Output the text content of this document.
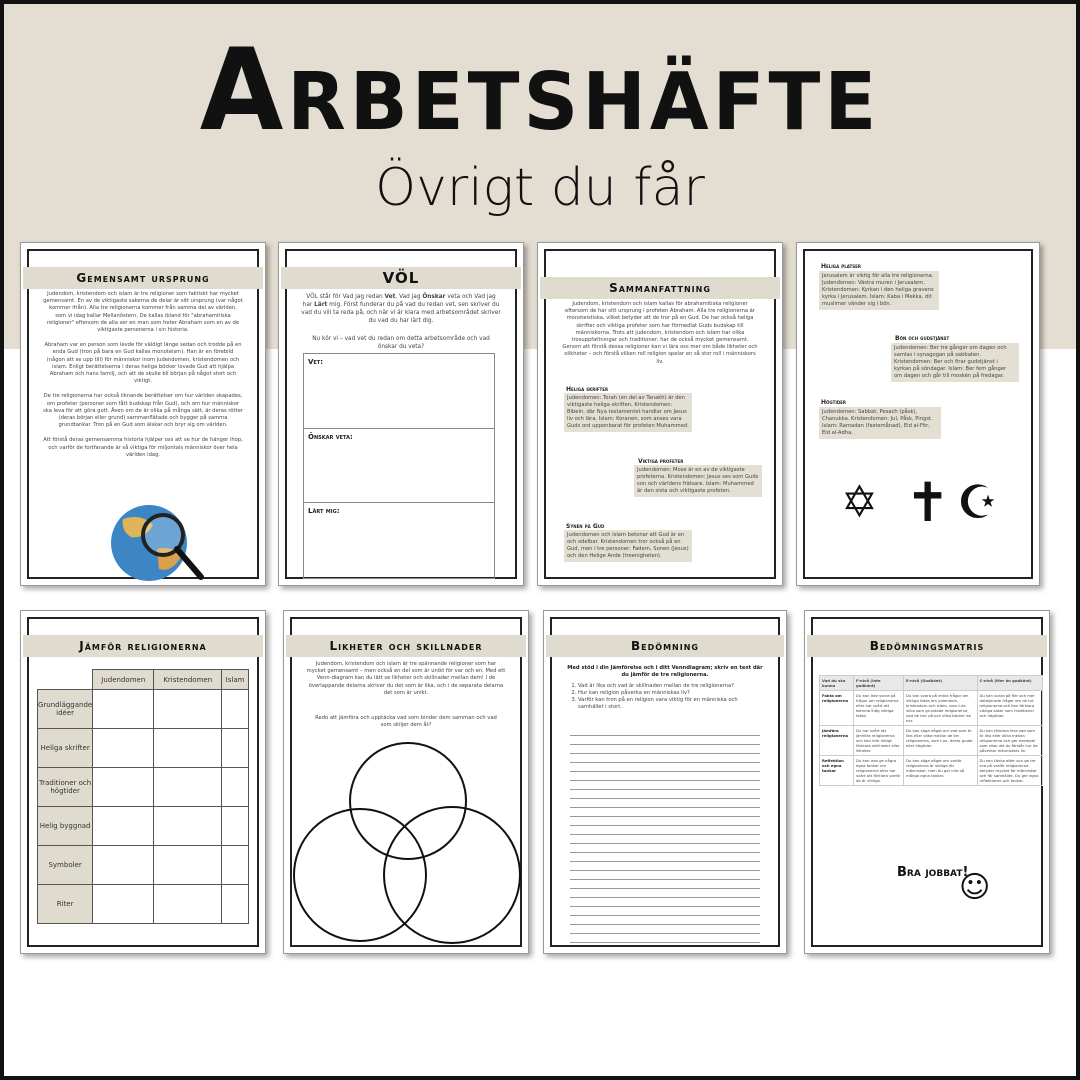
Arbetshäfte
Övrigt du får
Gemensamt ursprung

Judendom, kristendom och islam är tre religioner som faktiskt har mycket gemensamt. En av de viktigaste sakerna de delar är sitt ursprung (var något kommer ifrån). Alla tre religionerna kommer från samma del av världen, som vi idag kallar Mellanöstern. De kallas ibland för "abrahamitiska religioner" eftersom de alla ser en man som heter Abraham som en av de viktigaste personerna i sin historia.

Abraham var en person som levde för väldigt länge sedan och trodde på en enda Gud (tron på bara en Gud kallas monoteism). Han är en förebild (någon att se upp till) för människor inom judendomen, kristendomen och islam. Enligt berättelserna i deras heliga böcker lovade Gud att hjälpa Abraham och hans familj, och att de skulle bli början på något stort och viktigt.

De tre religionerna har också liknande berättelser om hur världen skapades, om profeter (personer som fått budskap från Gud), och om hur människor ska leva för att göra gott. Även om de är olika på många sätt, är deras rötter (deras början eller grund) sammanflätade och bygger på samma grundtankar. Tron på en Gud som älskar och bryr sig om världen.

Att förstå deras gemensamma historia hjälper oss att se hur de hänger ihop, och varför de fortfarande är så viktiga för miljontals människor över hela världen idag.

VÖL

VÖL står för Vad jag redan Vet, Vad jag Önskar veta och Vad jag har Lärt mig. Först funderar du på vad du redan vet, sen skriver du vad du vill ta reda på, och när vi är klara med arbetsområdet skriver du vad du har lärt dig.

Nu kör vi – vad vet du redan om detta arbetsområde och vad önskar du veta?

Vet:
Önskar veta:
Lärt mig:
Sammanfattning

Judendom, kristendom och islam kallas för abrahamitiska religioner eftersom de har sitt ursprung i profeten Abraham. Alla tre religionerna är monoteistiska, vilket betyder att de tror på en Gud. De har också heliga skrifter och viktiga profeter som har förmedlat Guds budskap till människorna. Trots att judendom, kristendom och islam har olika trosuppfattningar och traditioner, har de också mycket gemensamt. Genom att förstå dessa religioner kan vi lära oss mer om både likheter och olikheter – och förstå vilken roll religion spelar en så stor roll i människors liv.

Heliga skrifter
Judendomen: Torah (en del av Tanakh) är den viktigaste heliga skriften. Kristendomen: Bibeln, där Nya testamentet handlar om Jesus liv och lära. Islam: Koranen, som anses vara Guds ord uppenbarat för profeten Muhammed.
Viktiga profeter
Judendomen: Mose är en av de viktigaste profeterna. Kristendomen: Jesus ses som Guds son och världens frälsare. Islam: Muhammed är den sista och viktigaste profeten.
Synen på Gud
Judendomen och islam betonar att Gud är en och odelbar. Kristendomen tror också på en Gud, men i tre personer: Fadern, Sonen (Jesus) och den Helige Ande (treenigheten).
Heliga platser
Jerusalem är viktig för alla tre religionerna. Judendomen: Västra muren i Jerusalem. Kristendomen: Kyrkan i den heliga gravens kyrka i Jerusalem. Islam: Kaba i Mekka, dit muslimer vänder sig i bön.
Bön och gudstjänst
Judendomen: Ber tre gånger om dagen och samlas i synagogan på sabbaten. Kristendomen: Ber och firar gudstjänst i kyrkan på söndagar. Islam: Ber fem gånger om dagen och går till moskén på fredagar.
Högtider
Judendomen: Sabbat, Pesach (påsk), Chanukka. Kristendomen: Jul, Påsk, Pingst. Islam: Ramadan (fastemånad), Eid al-Fitr, Eid al-Adha.
✡ ✝ ☪
Jämför religionerna
	Judendomen	Kristendomen	Islam
Grundläggande idéer			
Heliga skrifter			
Traditioner och högtider			
Helig byggnad			
Symboler			
Riter			
Likheter och skillnader

Judendom, kristendom och islam är tre spännande religioner som har mycket gemensamt – men också en del som är unikt för var och en. Med ett Venn-diagram kan du lätt se likheter och skillnader mellan dem! I de överlappande delarna skriver du det som är lika, och i de separata delarna det som är unikt.

Redo att jämföra och upptäcka vad som binder dem samman och vad som skiljer dem åt?

Bedömning

Med stöd i din Jämförelse och i ditt Venndiagram; skriv en text där du jämför de tre religionerna.

1. Vad är lika och vad är skillnaden mellan de tre religionerna?
2. Hur kan religion påverka en människas liv?
3. Varför kan tron på en religion vara viktig för en människa och samhället i stort.
Bedömningsmatris
Vad du ska kunna	F-nivå (inte godkänt)	E-nivå (Godkänt)	C-nivå (Mer än godkänt)
Fakta om religionerna	Du kan inte svara på frågor om religionerna eller har svårt att komma ihåg viktiga fakta.	Du kan svara på enkla frågor om viktiga fakta om judendom, kristendom och islam, som t.ex. vilka som grundade religionerna, vad de tror på och vilka böcker de har.	Du kan svara på fler och mer detaljerade frågor om de tre religionerna och kan förklara viktiga saker som traditioner och högtider.
Jämföra religionerna	Du har svårt att jämföra religionerna och kan inte riktigt förklara skillnader eller likheter.	Du kan säga något om vad som är lika eller olika mellan de tre religionerna, som t.ex. deras gudar eller högtider.	Du kan förklara fera vad som är lika eller olika mellan religionerna och ger exempel som visar att du förstår hur de påverkar människors liv.
Reflektion och egna tankar	Du kan inte ge några egna tankar om religionerna eller har svårt att förklara varför de är viktiga.	Du kan säga något om varför religionerna är viktiga för människor, men du ger inte så många egna tankar.	Du kan tänka efter och ge tre sva på varför religionerna betyder mycket för människor och för samhället. Du ger egna reflektioner och tankar.
Bra jobbat!
☺
